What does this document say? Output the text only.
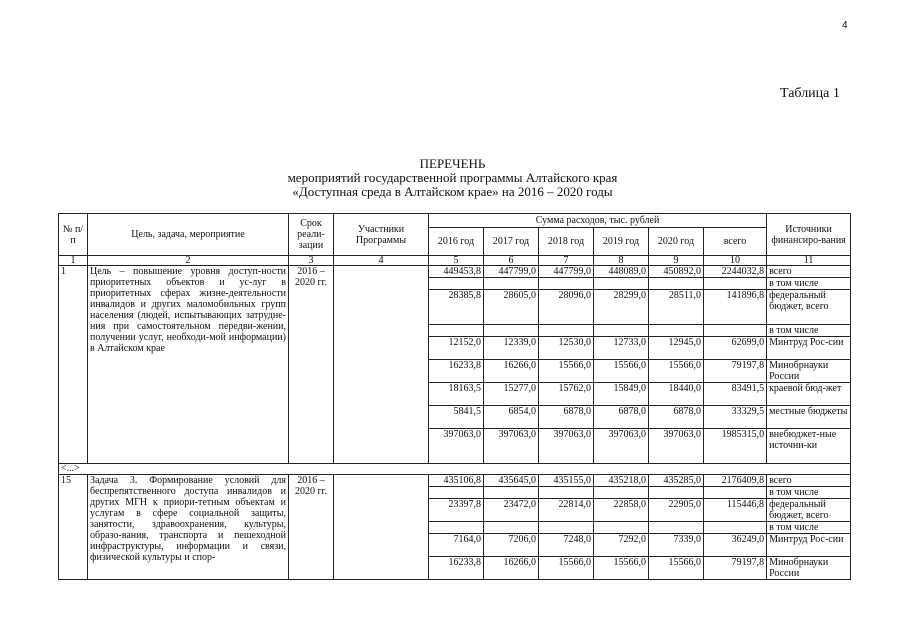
4
Таблица 1
ПЕРЕЧЕНЬ
мероприятий государственной программы Алтайского края
«Доступная среда в Алтайском крае» на 2016 – 2020 годы
№ п/п	Цель, задача, мероприятие	Срок реали-зации	Участники Программы	Сумма расходов, тыс. рублей						Источники финансиро-вания
				2016 год	2017 год	2018 год	2019 год	2020 год	всего	
1	2	3	4	5	6	7	8	9	10	11
1	Цель – повышение уровня доступ-ности приоритетных объектов и ус-луг в приоритетных сферах жизне-деятельности инвалидов и других маломобильных групп населения (людей, испытывающих затрудне-ния при самостоятельном передви-жении, получении услуг, необходи-мой информации) в Алтайском крае	2016 – 2020 гг.		449453,8	447799,0	447799,0	448089,0	450892,0	2244032,8	всего
										в том числе
				28385,8	28605,0	28096,0	28299,0	28511,0	141896,8	федеральный бюджет, всего
										в том числе
				12152,0	12339,0	12530,0	12733,0	12945,0	62699,0	Минтруд Рос-сии
				16233,8	16266,0	15566,0	15566,0	15566,0	79197,8	Минобрнауки России
				18163,5	15277,0	15762,0	15849,0	18440,0	83491,5	краевой бюд-жет
				5841,5	6854,0	6878,0	6878,0	6878,0	33329,5	местные бюджеты
				397063,0	397063,0	397063,0	397063,0	397063,0	1985315,0	внебюджет-ные источни-ки
<...>										
15	Задача 3. Формирование условий для беспрепятственного доступа инвалидов и других МГН к приори-тетным объектам и услугам в сфере социальной защиты, занятости, здравоохранения, культуры, образо-вания, транспорта и пешеходной инфраструктуры, информации и связи, физической культуры и спор-	2016 – 2020 гг.		435106,8	435645,0	435155,0	435218,0	435285,0	2176409,8	всего
										в том числе
				23397,8	23472,0	22814,0	22858,0	22905,0	115446,8	федеральный бюджет, всего
										в том числе
				7164,0	7206,0	7248,0	7292,0	7339,0	36249,0	Минтруд Рос-сии
				16233,8	16266,0	15566,0	15566,0	15566,0	79197,8	Минобрнауки России
